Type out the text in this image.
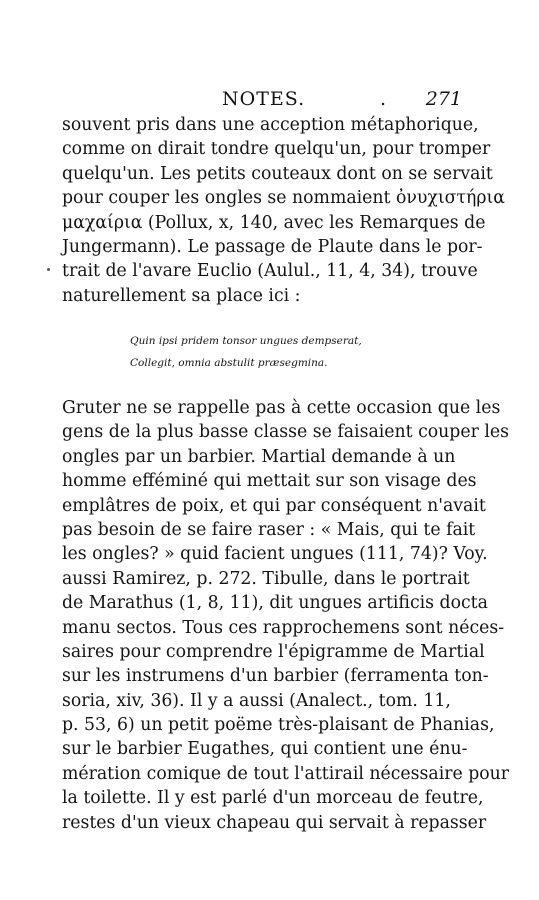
NOTES.	. 271
souvent pris dans une acception métaphorique,
comme on dirait tondre quelqu'un, pour tromper
quelqu'un. Les petits couteaux dont on se servait
pour couper les ongles se nommaient ὀνυχιστήρια
μαχαίρια (Pollux, x, 140, avec les Remarques de
Jungermann). Le passage de Plaute dans le por-
trait de l'avare Euclio (Aulul., 11, 4, 34), trouve
naturellement sa place ici :
Quin ipsi pridem tonsor ungues dempserat,
Collegit, omnia abstulit præsegmina.
Gruter ne se rappelle pas à cette occasion que les
gens de la plus basse classe se faisaient couper les
ongles par un barbier. Martial demande à un
homme efféminé qui mettait sur son visage des
emplâtres de poix, et qui par conséquent n'avait
pas besoin de se faire raser : « Mais, qui te fait
les ongles? » quid facient ungues (111, 74)? Voy.
aussi Ramirez, p. 272. Tibulle, dans le portrait
de Marathus (1, 8, 11), dit ungues artificis docta
manu sectos. Tous ces rapprochemens sont néces-
saires pour comprendre l'épigramme de Martial
sur les instrumens d'un barbier (ferramenta ton-
soria, xiv, 36). Il y a aussi (Analect., tom. 11,
p. 53, 6) un petit poëme très-plaisant de Phanias,
sur le barbier Eugathes, qui contient une énu-
mération comique de tout l'attirail nécessaire pour
la toilette. Il y est parlé d'un morceau de feutre,
restes d'un vieux chapeau qui servait à repasser
